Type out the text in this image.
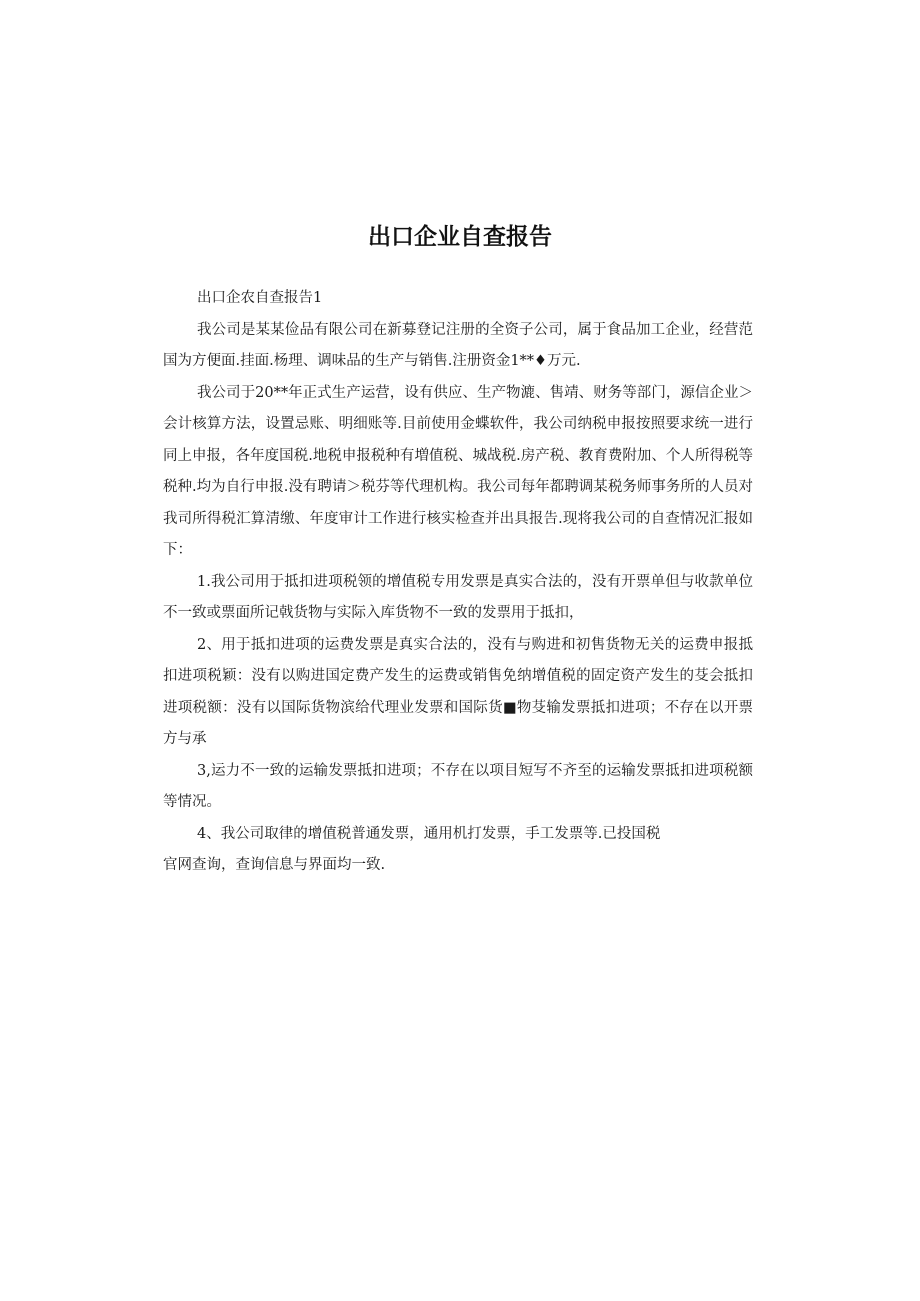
出口企业自查报告

出口企农自查报告1

我公司是某某俭品有限公司在新募登记注册的全资子公司，属于食品加工企业，经营范国为方便面.挂面.杨理、调味品的生产与销售.注册资金1**♦万元.

我公司于20**年正式生产运营，设有供应、生产物漉、售靖、财务等部门，源信企业＞会计核算方法，设置忌账、明细账等.目前使用金蝶软件，我公司纳税申报按照要求统一进行同上申报，各年度国税.地税申报税种有増值税、城战税.房产税、教育费附加、个人所得税等税种.均为自行申报.没有聘请＞税芬等代理机构。我公司每年都聘调某税务师事务所的人员对我司所得税汇算清缴、年度审计工作进行核实检查并出具报告.现将我公司的自查情况汇报如下：

1.我公司用于抵扣进项税领的增值税专用发票是真实合法的，没有开票单但与收款单位不一致或票面所记戟货物与实际入库货物不一致的发票用于抵扣，

2、用于抵扣进项的运费发票是真实合法的，没有与购进和初售货物无关的运费申报抵扣进项税颖：没有以购进国定费产发生的运费或销售免纳增值税的固定资产发生的芟会抵扣进项税额：没有以国际货物滨给代理业发票和国际货■物芟输发票抵扣进项；不存在以开票方与承

3,运力不一致的运输发票抵扣进项；不存在以项目短写不齐至的运输发票抵扣进项税额等情况。

4、我公司取律的增值税普通发票，通用机打发票，手工发票等.已投国税

官网查询，查询信息与界面均一致.
